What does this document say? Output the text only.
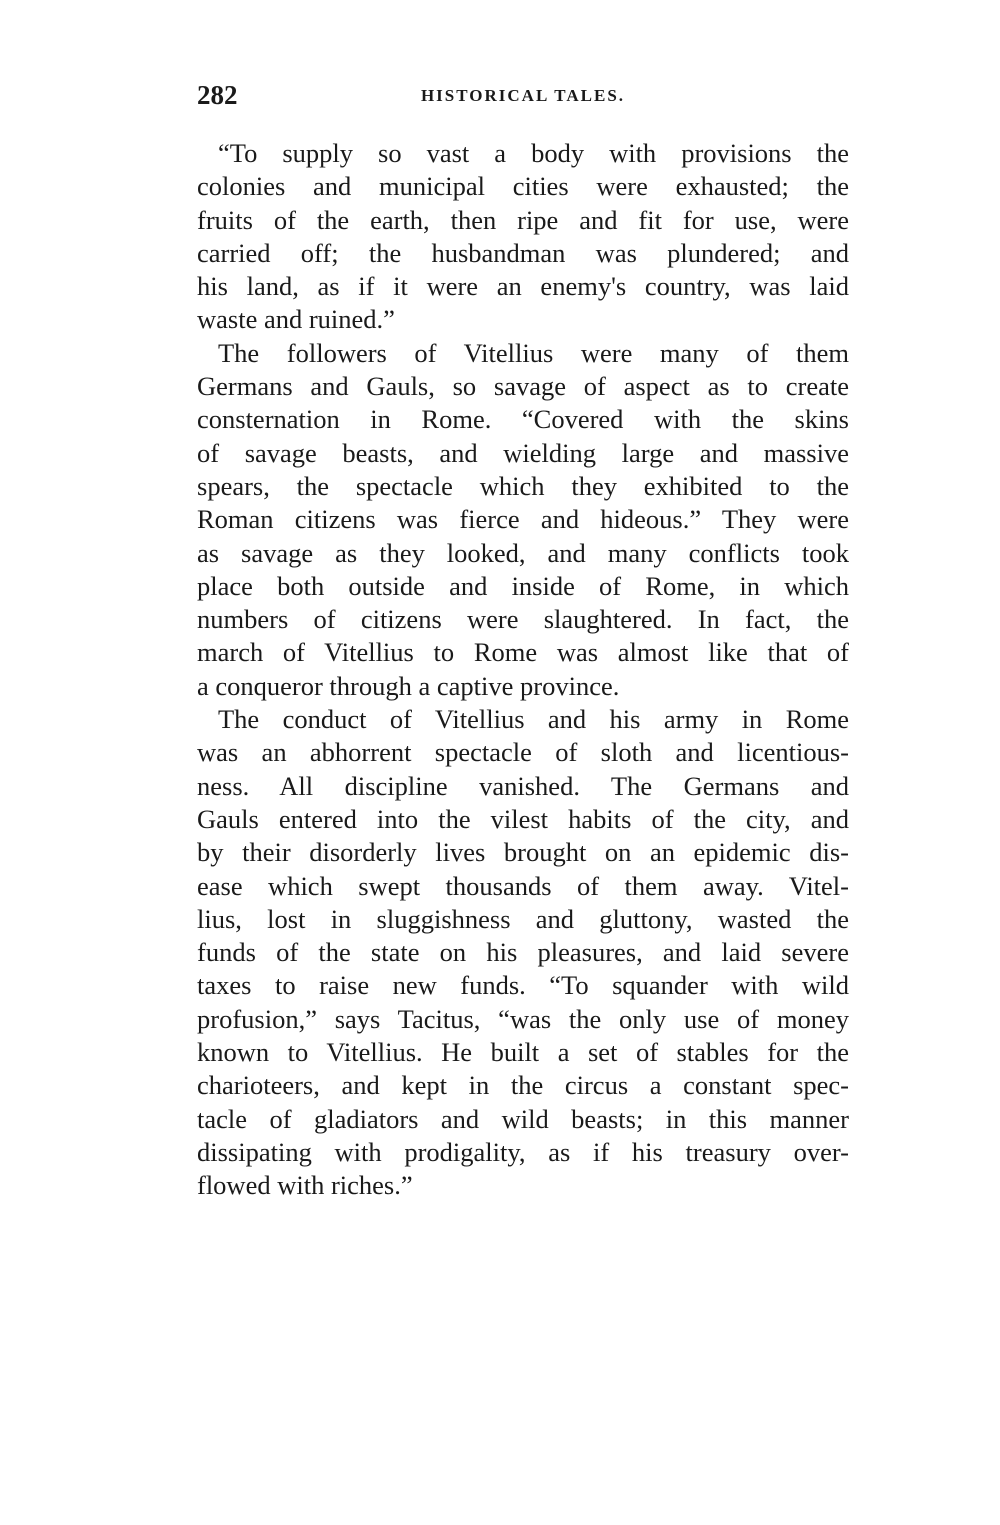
282	HISTORICAL TALES.
“To supply so vast a body with provisions the
colonies and municipal cities were exhausted; the
fruits of the earth, then ripe and fit for use, were
carried off; the husbandman was plundered; and
his land, as if it were an enemy's country, was laid
waste and ruined.”
The followers of Vitellius were many of them
Germans and Gauls, so savage of aspect as to create
consternation in Rome. “Covered with the skins
of savage beasts, and wielding large and massive
spears, the spectacle which they exhibited to the
Roman citizens was fierce and hideous.” They were
as savage as they looked, and many conflicts took
place both outside and inside of Rome, in which
numbers of citizens were slaughtered. In fact, the
march of Vitellius to Rome was almost like that of
a conqueror through a captive province.
The conduct of Vitellius and his army in Rome
was an abhorrent spectacle of sloth and licentious-
ness. All discipline vanished. The Germans and
Gauls entered into the vilest habits of the city, and
by their disorderly lives brought on an epidemic dis-
ease which swept thousands of them away. Vitel-
lius, lost in sluggishness and gluttony, wasted the
funds of the state on his pleasures, and laid severe
taxes to raise new funds. “To squander with wild
profusion,” says Tacitus, “was the only use of money
known to Vitellius. He built a set of stables for the
charioteers, and kept in the circus a constant spec-
tacle of gladiators and wild beasts; in this manner
dissipating with prodigality, as if his treasury over-
flowed with riches.”
